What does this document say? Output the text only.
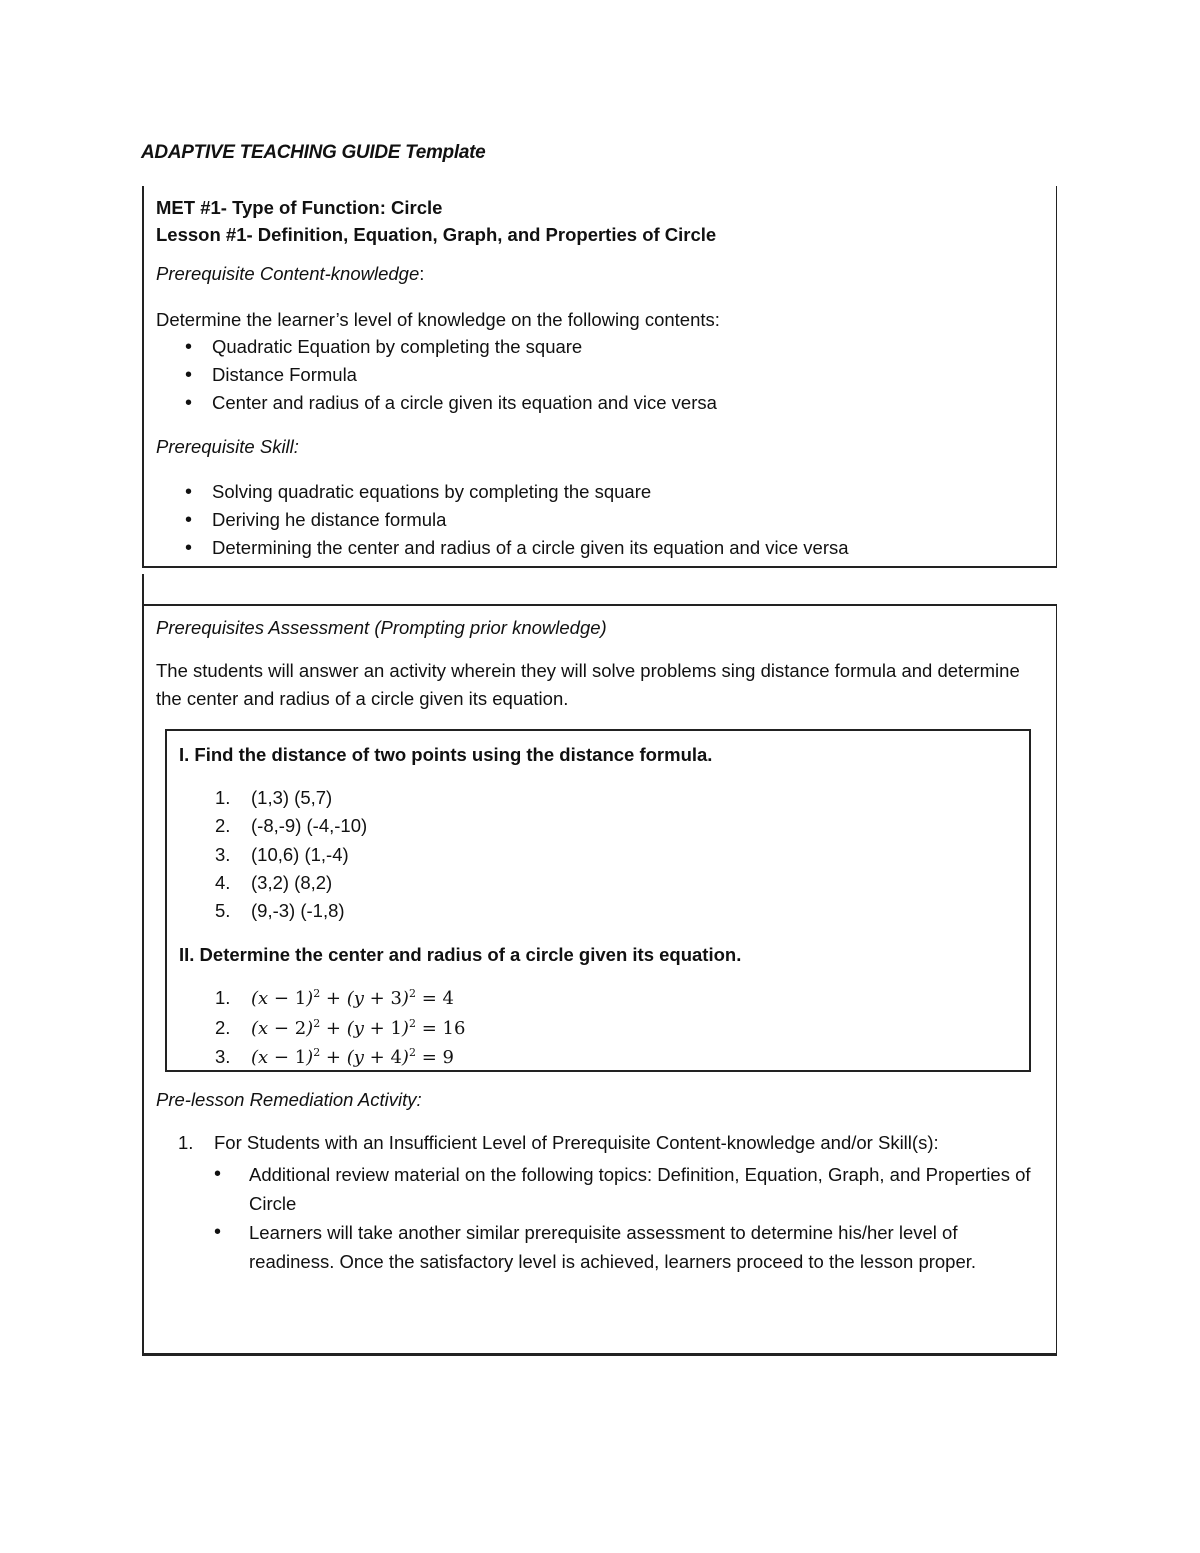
ADAPTIVE TEACHING GUIDE Template

MET #1- Type of Function: Circle

Lesson #1- Definition, Equation, Graph, and Properties of Circle

Prerequisite Content-knowledge:

Determine the learner’s level of knowledge on the following contents:

• Quadratic Equation by completing the square
• Distance Formula
• Center and radius of a circle given its equation and vice versa

Prerequisite Skill:

• Solving quadratic equations by completing the square
• Deriving he distance formula
• Determining the center and radius of a circle given its equation and vice versa

Prerequisites Assessment (Prompting prior knowledge)

The students will answer an activity wherein they will solve problems sing distance formula and determine the center and radius of a circle given its equation.

Pre-lesson Remediation Activity:

1. For Students with an Insufficient Level of Prerequisite Content-knowledge and/or Skill(s):
• Additional review material on the following topics: Definition, Equation, Graph, and Properties of Circle
• Learners will take another similar prerequisite assessment to determine his/her level of readiness. Once the satisfactory level is achieved, learners proceed to the lesson proper.

I. Find the distance of two points using the distance formula.

1. (1,3) (5,7)
2. (-8,-9) (-4,-10)
3. (10,6) (1,-4)
4. (3,2) (8,2)
5. (9,-3) (-1,8)

II. Determine the center and radius of a circle given its equation.

1. $(x - 1)^2 + (y + 3)^2 = 4$
2. $(x - 2)^2 + (y + 1)^2 = 16$
3. $(x - 1)^2 + (y + 4)^2 = 9$
